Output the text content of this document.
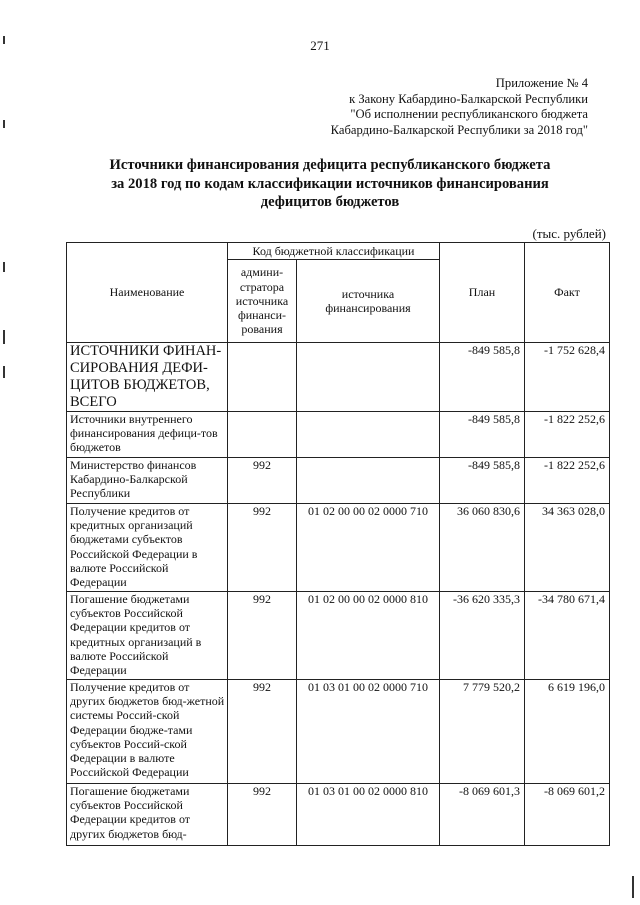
271
Приложение № 4
к Закону Кабардино-Балкарской Республики
"Об исполнении республиканского бюджета
Кабардино-Балкарской Республики за 2018 год"
Источники финансирования дефицита республиканского бюджета
за 2018 год по кодам классификации источников финансирования
дефицитов бюджетов
(тыс. рублей)
Наименование	Код бюджетной классификации		План	Факт
	админи-стратора источника финанси-рования	источника финансирования		
ИСТОЧНИКИ ФИНАН-СИРОВАНИЯ ДЕФИ-ЦИТОВ БЮДЖЕТОВ, ВСЕГО			-849 585,8	-1 752 628,4
Источники внутреннего финансирования дефици-тов бюджетов			-849 585,8	-1 822 252,6
Министерство финансов Кабардино-Балкарской Республики	992		-849 585,8	-1 822 252,6
Получение кредитов от кредитных организаций бюджетами субъектов Российской Федерации в валюте Российской Федерации	992	01 02 00 00 02 0000 710	36 060 830,6	34 363 028,0
Погашение бюджетами субъектов Российской Федерации кредитов от кредитных организаций в валюте Российской Федерации	992	01 02 00 00 02 0000 810	-36 620 335,3	-34 780 671,4
Получение кредитов от других бюджетов бюд-жетной системы Россий-ской Федерации бюдже-тами субъектов Россий-ской Федерации в валюте Российской Федерации	992	01 03 01 00 02 0000 710	7 779 520,2	6 619 196,0
Погашение бюджетами субъектов Российской Федерации кредитов от других бюджетов бюд-	992	01 03 01 00 02 0000 810	-8 069 601,3	-8 069 601,2
